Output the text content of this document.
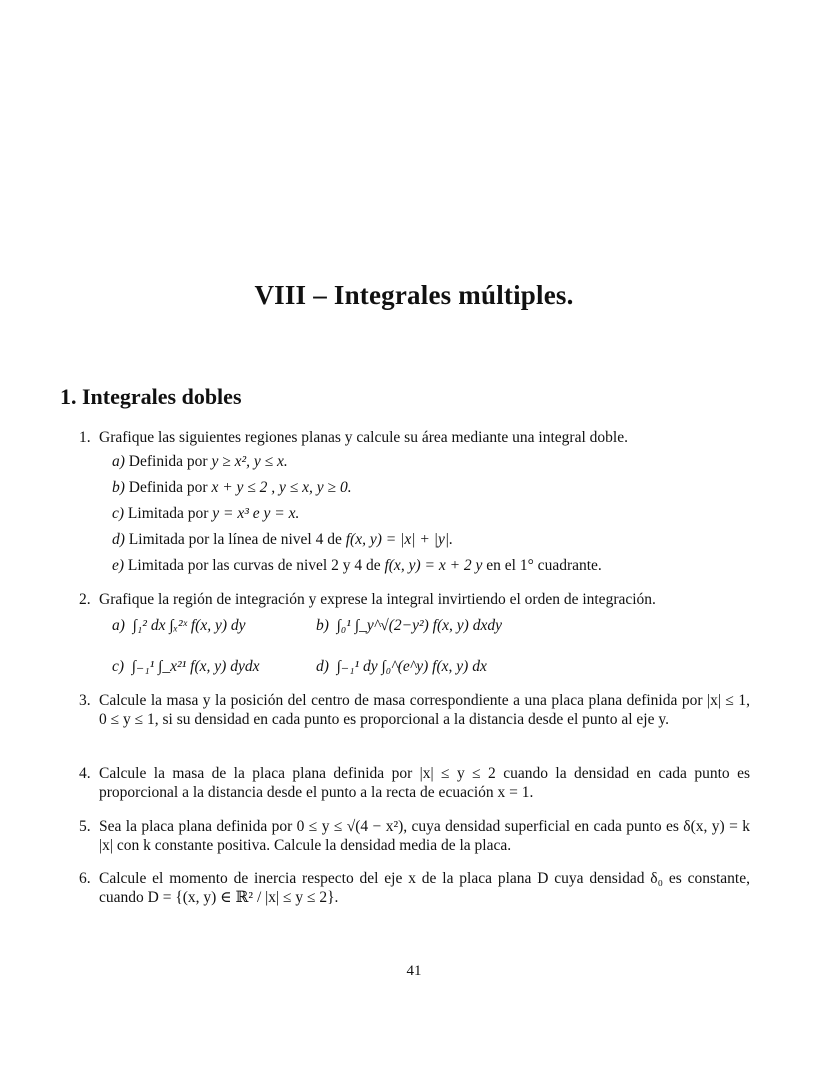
VIII – Integrales múltiples.
1. Integrales dobles
1. Grafique las siguientes regiones planas y calcule su área mediante una integral doble.
a) Definida por y ≥ x², y ≤ x.
b) Definida por x + y ≤ 2 , y ≤ x, y ≥ 0.
c) Limitada por y = x³ e y = x.
d) Limitada por la línea de nivel 4 de f(x, y) = |x| + |y|.
e) Limitada por las curvas de nivel 2 y 4 de f(x, y) = x + 2 y en el 1° cuadrante.
2. Grafique la región de integración y exprese la integral invirtiendo el orden de integración.
a) ∫₁² dx ∫ₓ²ˣ f(x, y) dy	b) ∫₀¹ ∫_y^√(2−y²) f(x, y) dxdy
c) ∫₋₁¹ ∫_x²¹ f(x, y) dydx	d) ∫₋₁¹ dy ∫₀^(e^y) f(x, y) dx
3. Calcule la masa y la posición del centro de masa correspondiente a una placa plana definida por |x| ≤ 1, 0 ≤ y ≤ 1, si su densidad en cada punto es proporcional a la distancia desde el punto al eje y.
4. Calcule la masa de la placa plana definida por |x| ≤ y ≤ 2 cuando la densidad en cada punto es proporcional a la distancia desde el punto a la recta de ecuación x = 1.
5. Sea la placa plana definida por 0 ≤ y ≤ √(4 − x²), cuya densidad superficial en cada punto es δ(x, y) = k |x| con k constante positiva. Calcule la densidad media de la placa.
6. Calcule el momento de inercia respecto del eje x de la placa plana D cuya densidad δ₀ es constante, cuando D = {(x, y) ∈ ℝ² / |x| ≤ y ≤ 2}.
41
